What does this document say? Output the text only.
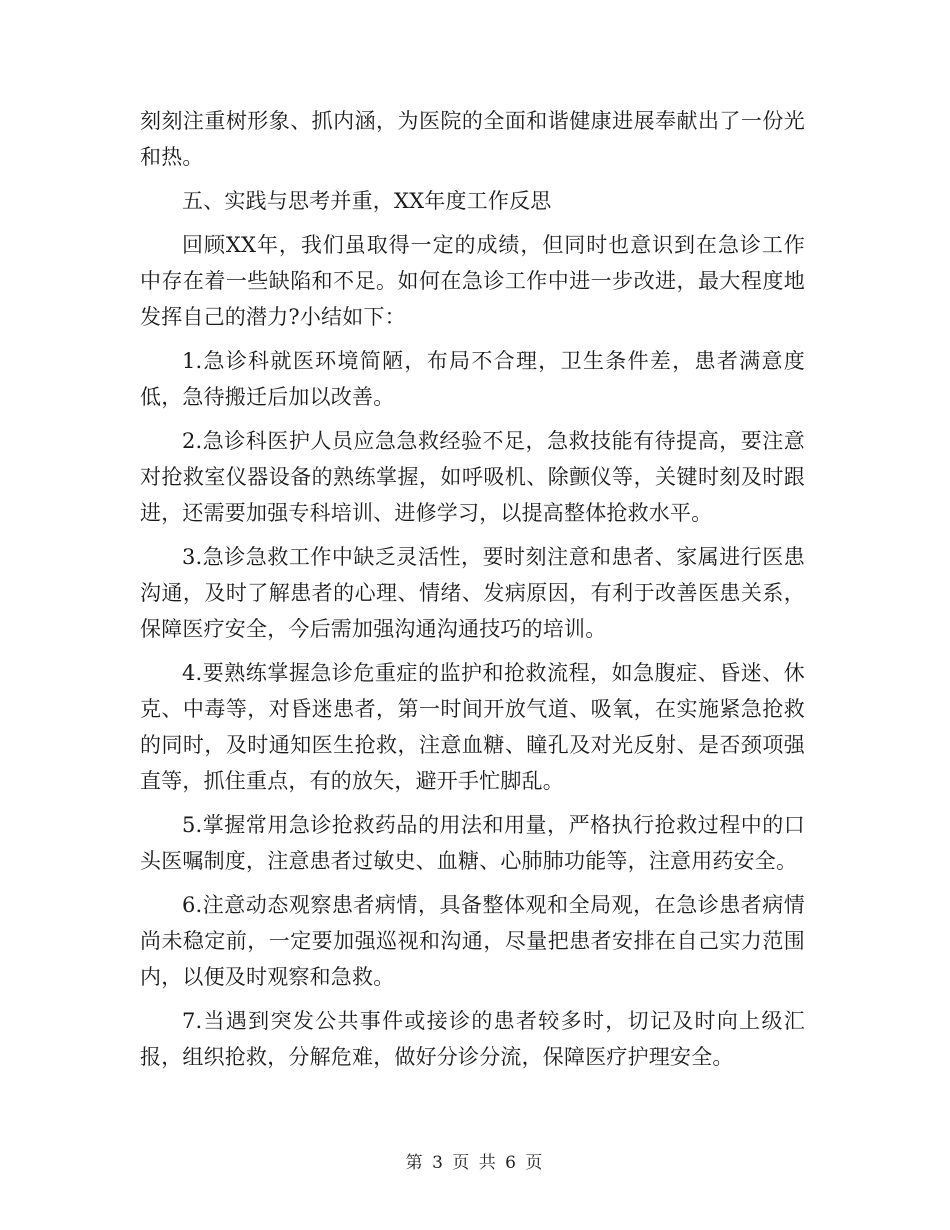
刻刻注重树形象、抓内涵，为医院的全面和谐健康进展奉献出了一份光和热。

五、实践与思考并重，XX年度工作反思

回顾XX年，我们虽取得一定的成绩，但同时也意识到在急诊工作中存在着一些缺陷和不足。如何在急诊工作中进一步改进，最大程度地发挥自己的潜力?小结如下：

1.急诊科就医环境简陋，布局不合理，卫生条件差，患者满意度低，急待搬迁后加以改善。

2.急诊科医护人员应急急救经验不足，急救技能有待提高，要注意对抢救室仪器设备的熟练掌握，如呼吸机、除颤仪等，关键时刻及时跟进，还需要加强专科培训、进修学习，以提高整体抢救水平。

3.急诊急救工作中缺乏灵活性，要时刻注意和患者、家属进行医患沟通，及时了解患者的心理、情绪、发病原因，有利于改善医患关系，保障医疗安全，今后需加强沟通沟通技巧的培训。

4.要熟练掌握急诊危重症的监护和抢救流程，如急腹症、昏迷、休克、中毒等，对昏迷患者，第一时间开放气道、吸氧，在实施紧急抢救的同时，及时通知医生抢救，注意血糖、瞳孔及对光反射、是否颈项强直等，抓住重点，有的放矢，避开手忙脚乱。

5.掌握常用急诊抢救药品的用法和用量，严格执行抢救过程中的口头医嘱制度，注意患者过敏史、血糖、心肺肺功能等，注意用药安全。

6.注意动态观察患者病情，具备整体观和全局观，在急诊患者病情尚未稳定前，一定要加强巡视和沟通，尽量把患者安排在自己实力范围内，以便及时观察和急救。

7.当遇到突发公共事件或接诊的患者较多时，切记及时向上级汇报，组织抢救，分解危难，做好分诊分流，保障医疗护理安全。

第 3 页 共 6 页
